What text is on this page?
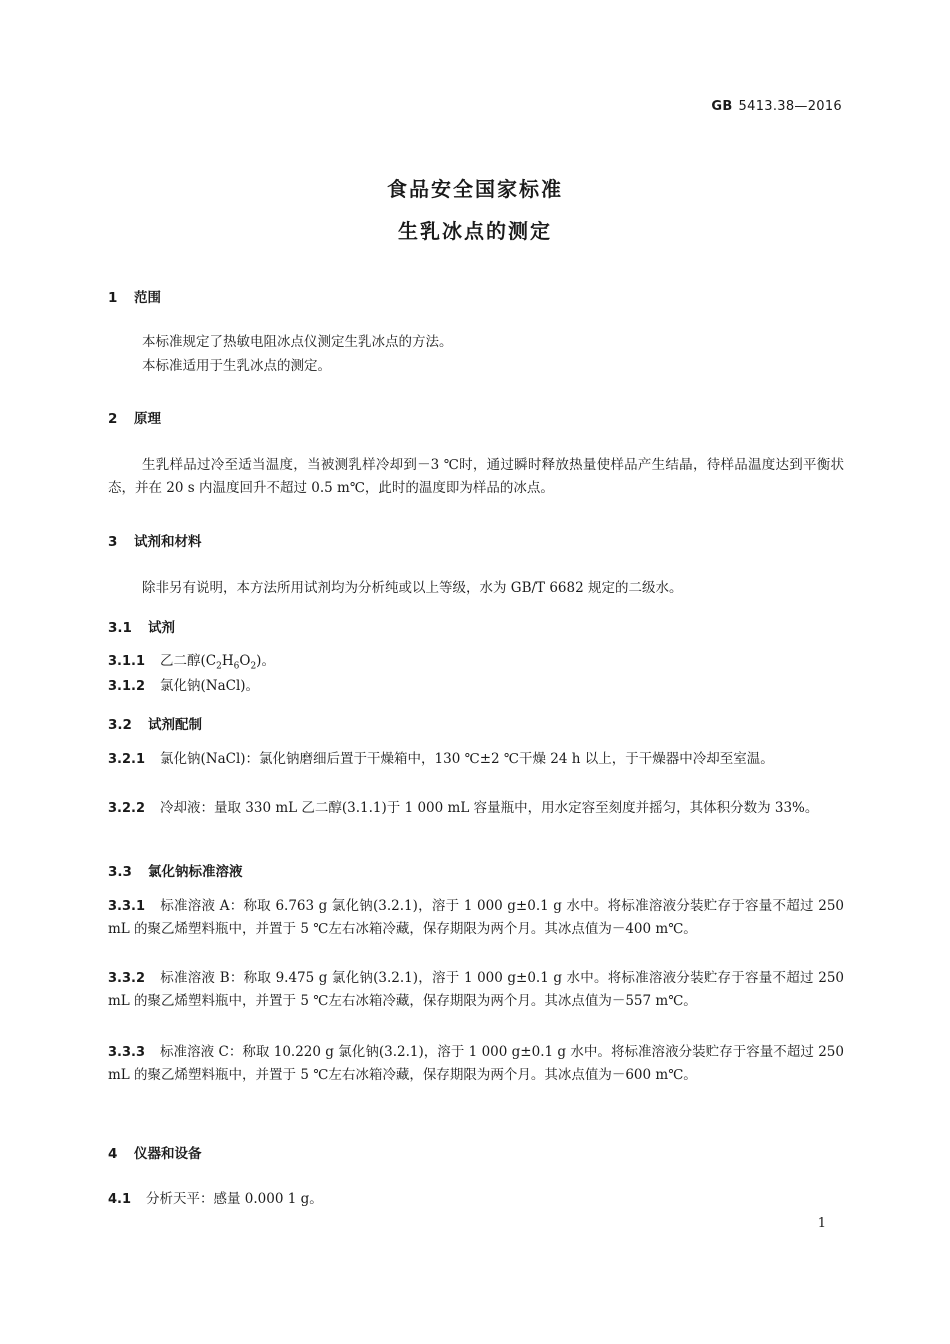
GB 5413.38—2016
食品安全国家标准
生乳冰点的测定
1 范围
本标准规定了热敏电阻冰点仪测定生乳冰点的方法。
本标准适用于生乳冰点的测定。
2 原理
生乳样品过冷至适当温度，当被测乳样冷却到－3 ℃时，通过瞬时释放热量使样品产生结晶，待样品温度达到平衡状态，并在 20 s 内温度回升不超过 0.5 m℃，此时的温度即为样品的冰点。
3 试剂和材料
除非另有说明，本方法所用试剂均为分析纯或以上等级，水为 GB/T 6682 规定的二级水。
3.1 试剂
3.1.1 乙二醇$(C_2H_6O_2)$。
3.1.2 氯化钠(NaCl)。
3.2 试剂配制
3.2.1 氯化钠(NaCl)：氯化钠磨细后置于干燥箱中，130 ℃±2 ℃干燥 24 h 以上，于干燥器中冷却至室温。
3.2.2 冷却液：量取 330 mL 乙二醇(3.1.1)于 1 000 mL 容量瓶中，用水定容至刻度并摇匀，其体积分数为 33%。
3.3 氯化钠标准溶液
3.3.1 标准溶液 A：称取 6.763 g 氯化钠(3.2.1)，溶于 1 000 g±0.1 g 水中。将标准溶液分装贮存于容量不超过 250 mL 的聚乙烯塑料瓶中，并置于 5 ℃左右冰箱冷藏，保存期限为两个月。其冰点值为－400 m℃。
3.3.2 标准溶液 B：称取 9.475 g 氯化钠(3.2.1)，溶于 1 000 g±0.1 g 水中。将标准溶液分装贮存于容量不超过 250 mL 的聚乙烯塑料瓶中，并置于 5 ℃左右冰箱冷藏，保存期限为两个月。其冰点值为－557 m℃。
3.3.3 标准溶液 C：称取 10.220 g 氯化钠(3.2.1)，溶于 1 000 g±0.1 g 水中。将标准溶液分装贮存于容量不超过 250 mL 的聚乙烯塑料瓶中，并置于 5 ℃左右冰箱冷藏，保存期限为两个月。其冰点值为－600 m℃。
4 仪器和设备
4.1 分析天平：感量 0.000 1 g。
1
